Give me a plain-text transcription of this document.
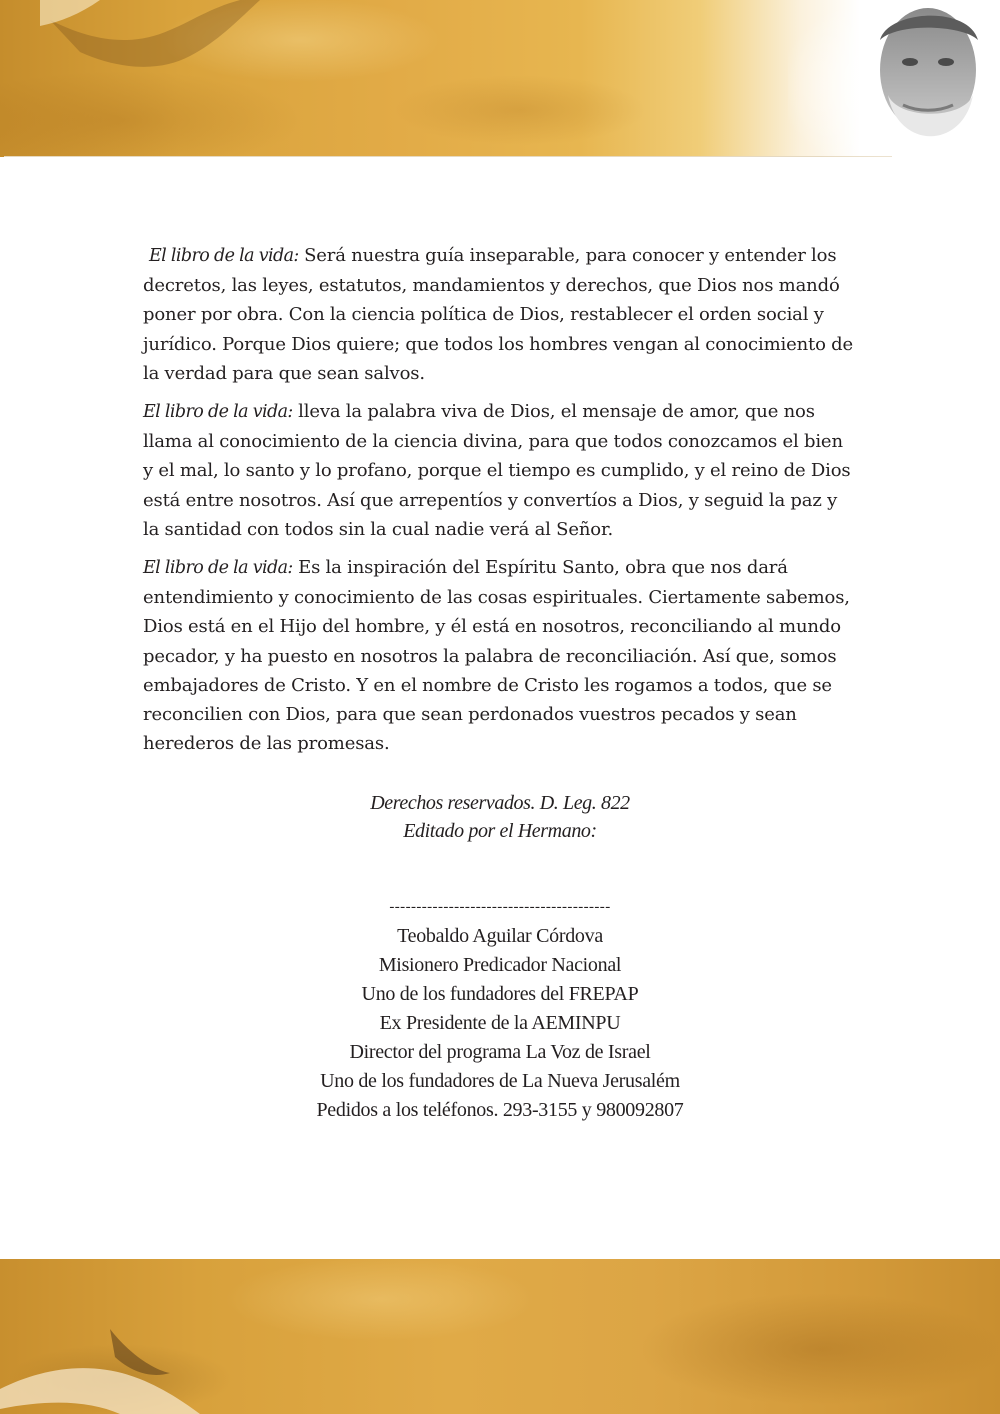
El libro de la vida: Será nuestra guía inseparable, para conocer y entender los decretos, las leyes, estatutos, mandamientos y derechos, que Dios nos mandó poner por obra. Con la ciencia política de Dios, restablecer el orden social y jurídico. Porque Dios quiere; que todos los hombres vengan al conocimiento de la verdad para que sean salvos.

El libro de la vida: lleva la palabra viva de Dios, el mensaje de amor, que nos llama al conocimiento de la ciencia divina, para que todos conozcamos el bien y el mal, lo santo y lo profano, porque el tiempo es cumplido, y el reino de Dios está entre nosotros. Así que arrepentíos y convertíos a Dios, y seguid la paz y la santidad con todos sin la cual nadie verá al Señor.

El libro de la vida: Es la inspiración del Espíritu Santo, obra que nos dará entendimiento y conocimiento de las cosas espirituales. Ciertamente sabemos, Dios está en el Hijo del hombre, y él está en nosotros, reconciliando al mundo pecador, y ha puesto en nosotros la palabra de reconciliación. Así que, somos embajadores de Cristo. Y en el nombre de Cristo les rogamos a todos, que se reconcilien con Dios, para que sean perdonados vuestros pecados y sean herederos de las promesas.

Derechos reservados. D. Leg. 822
Editado por el Hermano:
-----------------------------------------
Teobaldo Aguilar Córdova
Misionero Predicador Nacional
Uno de los fundadores del FREPAP
Ex Presidente de la AEMINPU
Director del programa La Voz de Israel
Uno de los fundadores de La Nueva Jerusalém
Pedidos a los teléfonos. 293-3155 y 980092807
